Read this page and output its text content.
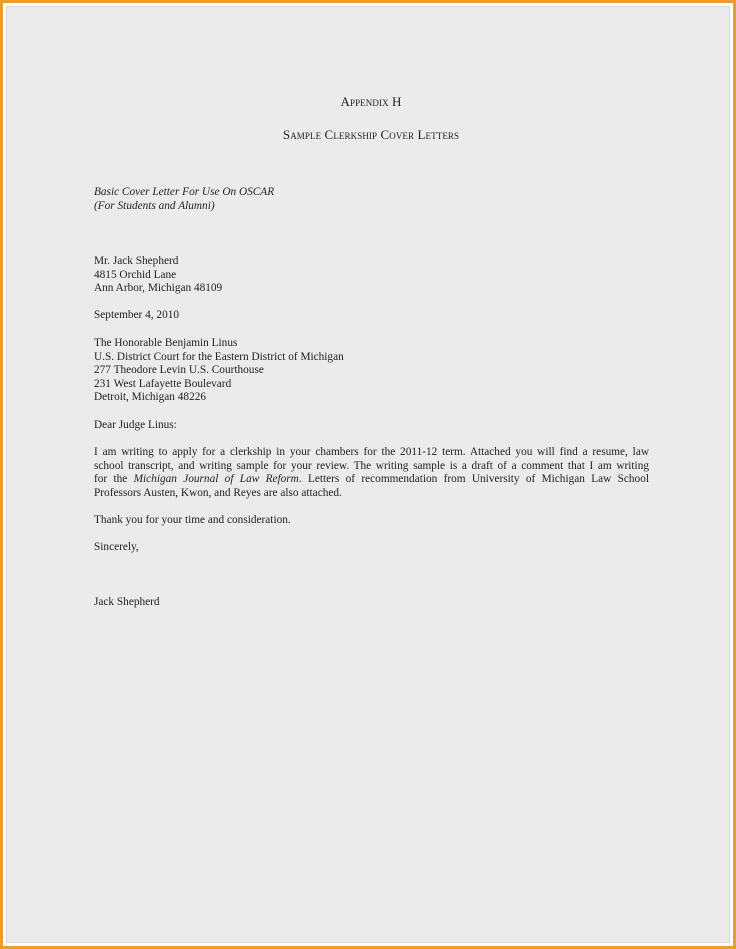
Appendix H
Sample Clerkship Cover Letters
Basic Cover Letter For Use On OSCAR
(For Students and Alumni)
Mr. Jack Shepherd
4815 Orchid Lane
Ann Arbor, Michigan 48109
September 4, 2010
The Honorable Benjamin Linus
U.S. District Court for the Eastern District of Michigan
277 Theodore Levin U.S. Courthouse
231 West Lafayette Boulevard
Detroit, Michigan 48226
Dear Judge Linus:
I am writing to apply for a clerkship in your chambers for the 2011-12 term. Attached you will find a resume, law
school transcript, and writing sample for your review. The writing sample is a draft of a comment that I am writing
for the Michigan Journal of Law Reform. Letters of recommendation from University of Michigan Law School
Professors Austen, Kwon, and Reyes are also attached.
Thank you for your time and consideration.
Sincerely,
Jack Shepherd
